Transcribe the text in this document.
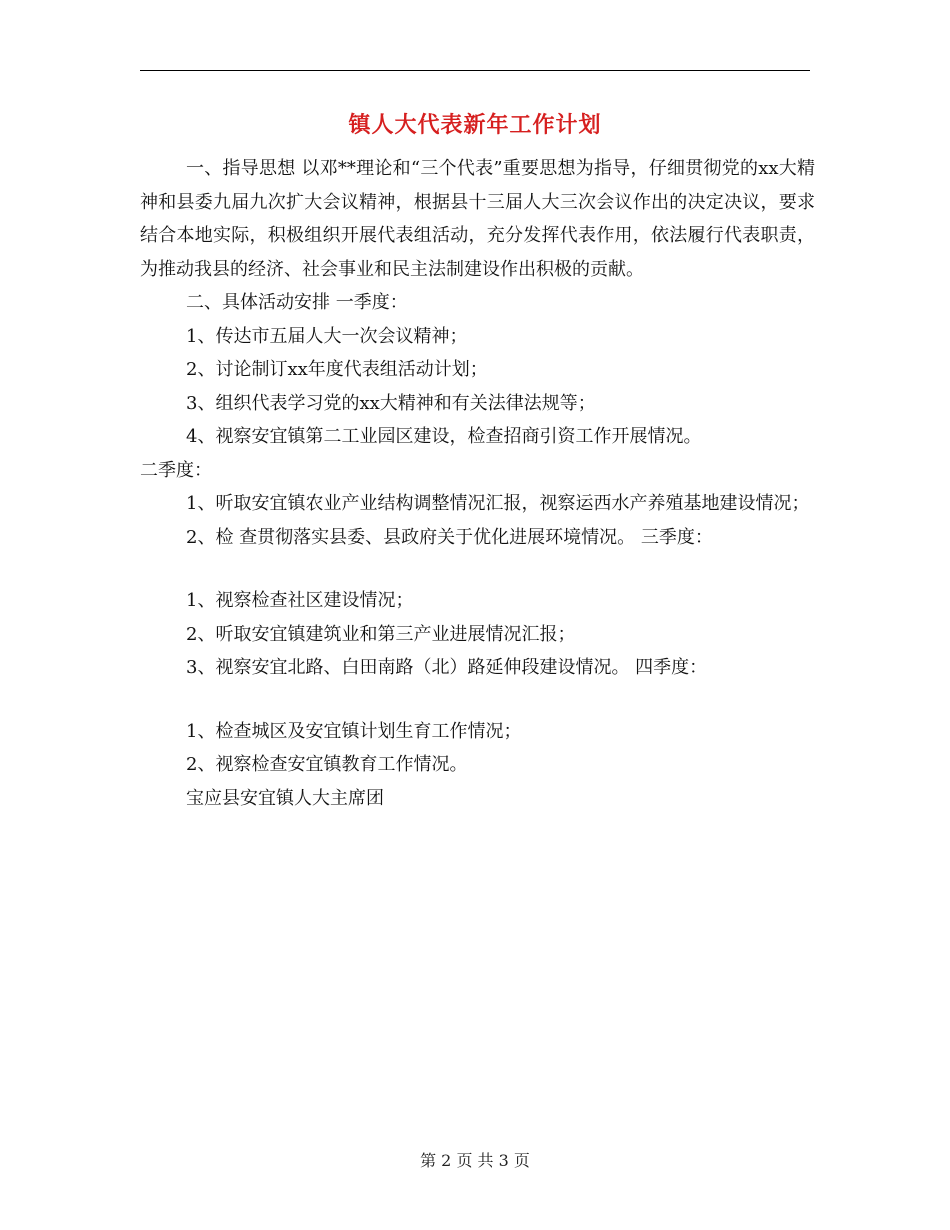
镇人大代表新年工作计划

一、指导思想 以邓**理论和“三个代表”重要思想为指导，仔细贯彻党的xx大精神和县委九届九次扩大会议精神，根据县十三届人大三次会议作出的决定决议，要求结合本地实际，积极组织开展代表组活动，充分发挥代表作用，依法履行代表职责，为推动我县的经济、社会事业和民主法制建设作出积极的贡献。

二、具体活动安排 一季度：

1、传达市五届人大一次会议精神；

2、讨论制订xx年度代表组活动计划；

3、组织代表学习党的xx大精神和有关法律法规等；

4、视察安宜镇第二工业园区建设，检查招商引资工作开展情况。

二季度：

1、听取安宜镇农业产业结构调整情况汇报，视察运西水产养殖基地建设情况；

2、检 查贯彻落实县委、县政府关于优化进展环境情况。 三季度：

1、视察检查社区建设情况；

2、听取安宜镇建筑业和第三产业进展情况汇报；

3、视察安宜北路、白田南路（北）路延伸段建设情况。 四季度：

1、检查城区及安宜镇计划生育工作情况；

2、视察检查安宜镇教育工作情况。

宝应县安宜镇人大主席团

第 2 页 共 3 页
